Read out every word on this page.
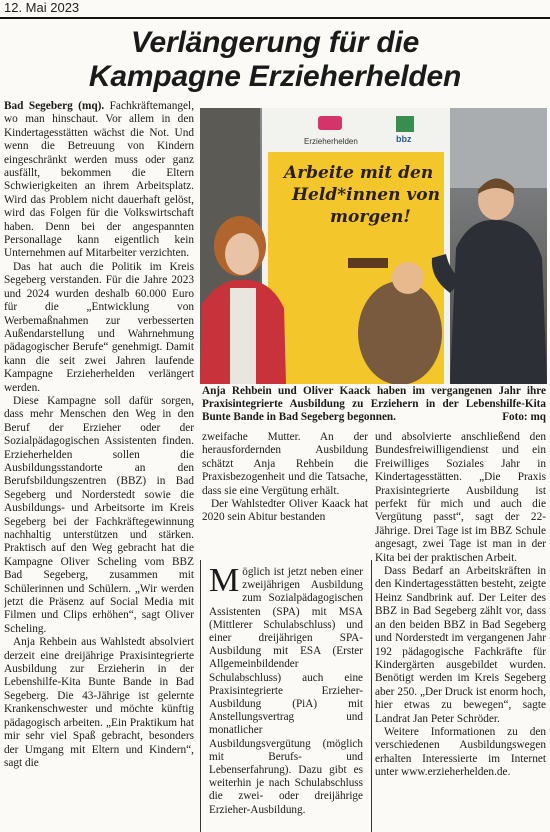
12. Mai 2023
Verlängerung für die
Kampagne Erzieherhelden

Bad Segeberg (mq). Fachkräftemangel, wo man hinschaut. Vor allem in den Kindertagesstätten wächst die Not. Und wenn die Betreuung von Kindern eingeschränkt werden muss oder ganz ausfällt, bekommen die Eltern Schwierigkeiten an ihrem Arbeitsplatz. Wird das Problem nicht dauerhaft gelöst, wird das Folgen für die Volkswirtschaft haben. Denn bei der angespannten Personallage kann eigentlich kein Unternehmen auf Mitarbeiter verzichten.

Das hat auch die Politik im Kreis Segeberg verstanden. Für die Jahre 2023 und 2024 wurden deshalb 60.000 Euro für die „Entwicklung von Werbemaßnahmen zur verbesserten Außendarstellung und Wahrnehmung pädagogischer Berufe“ genehmigt. Damit kann die seit zwei Jahren laufende Kampagne Erzieherhelden verlängert werden.

Diese Kampagne soll dafür sorgen, dass mehr Menschen den Weg in den Beruf der Erzieher oder der Sozialpädagogischen Assistenten finden. Erzieherhelden sollen die Ausbildungsstandorte an den Berufsbildungszentren (BBZ) in Bad Segeberg und Norderstedt sowie die Ausbildungs- und Arbeitsorte im Kreis Segeberg bei der Fachkräftegewinnung nachhaltig unterstützen und stärken. Praktisch auf den Weg gebracht hat die Kampagne Oliver Scheling vom BBZ Bad Segeberg, zusammen mit Schülerinnen und Schülern. „Wir werden jetzt die Präsenz auf Social Media mit Filmen und Clips erhöhen“, sagt Oliver Scheling.

Anja Rehbein aus Wahlstedt absolviert derzeit eine dreijährige Praxisintegrierte Ausbildung zur Erzieherin in der Lebenshilfe-Kita Bunte Bande in Bad Segeberg. Die 43-Jährige ist gelernte Krankenschwester und möchte künftig pädagogisch arbeiten. „Ein Praktikum hat mir sehr viel Spaß gebracht, besonders der Umgang mit Eltern und Kindern“, sagt die

Erzieherhelden	bbz
Arbeite mit den
Held*innen von
morgen!
Anja Rehbein und Oliver Kaack haben im vergangenen Jahr ihre Praxisintegrierte Ausbildung zu Erziehern in der Lebenshilfe-Kita Bunte Bande in Bad Segeberg begonnen.	Foto: mq

zweifache Mutter. An der herausfordernden Ausbildung schätzt Anja Rehbein die Praxisbezogenheit und die Tatsache, dass sie eine Vergütung erhält.

Der Wahlstedter Oliver Kaack hat 2020 sein Abitur bestanden

Möglich ist jetzt neben einer zweijährigen Ausbildung zum Sozialpädagogischen Assistenten (SPA) mit MSA (Mittlerer Schulabschluss) und einer dreijährigen SPA-Ausbildung mit ESA (Erster Allgemeinbildender Schulabschluss) auch eine Praxisintegrierte Erzieher-Ausbildung (PiA) mit Anstellungsvertrag und monatlicher Ausbildungsvergütung (möglich mit Berufs- und Lebenserfahrung). Dazu gibt es weiterhin je nach Schulabschluss die zwei- oder dreijährige Erzieher-Ausbildung.

und absolvierte anschließend den Bundesfreiwilligendienst und ein Freiwilliges Soziales Jahr in Kindertagesstätten. „Die Praxis Praxisintegrierte Ausbildung ist perfekt für mich und auch die Vergütung passt“, sagt der 22-Jährige. Drei Tage ist im BBZ Schule angesagt, zwei Tage ist man in der Kita bei der praktischen Arbeit.

Dass Bedarf an Arbeitskräften in den Kindertagesstätten besteht, zeigte Heinz Sandbrink auf. Der Leiter des BBZ in Bad Segeberg zählt vor, dass an den beiden BBZ in Bad Segeberg und Norderstedt im vergangenen Jahr 192 pädagogische Fachkräfte für Kindergärten ausgebildet wurden. Benötigt werden im Kreis Segeberg aber 250. „Der Druck ist enorm hoch, hier etwas zu bewegen“, sagte Landrat Jan Peter Schröder.

Weitere Informationen zu den verschiedenen Ausbildungswegen erhalten Interessierte im Internet unter www.erzieherhelden.de.
